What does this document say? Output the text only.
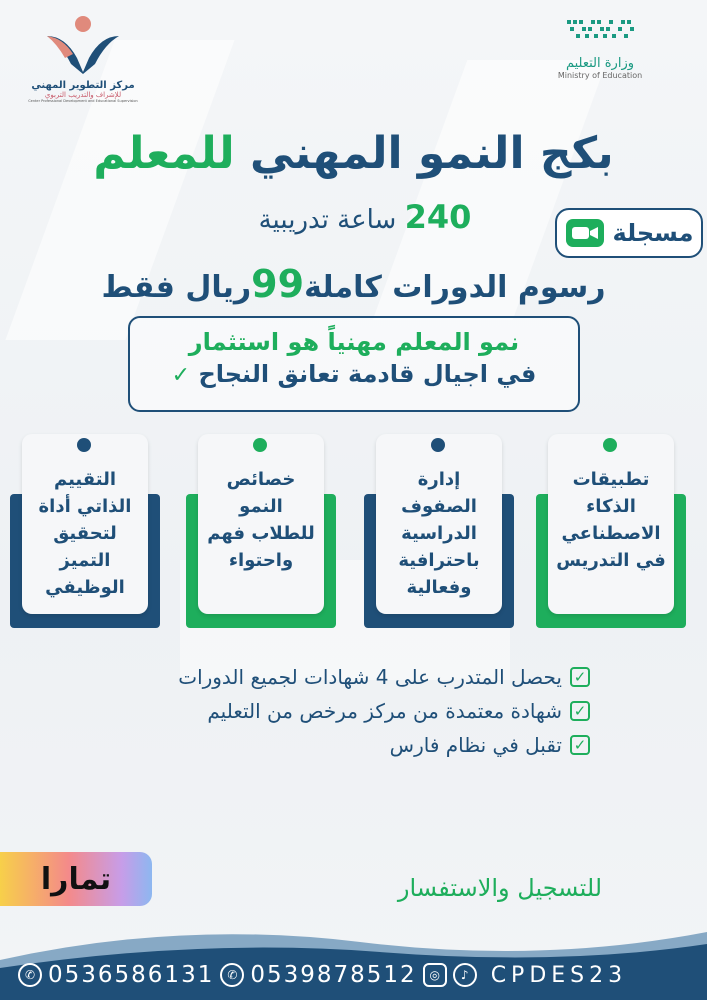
مركز التطوير المهني
للإشراف والتدريب التربوي
Center Professional Development and Educational Supervision
وزارة التعليم
Ministry of Education
بكج النمو المهني للمعلم
240 ساعة تدريبية	مسجلة
رسوم الدورات كاملة99ريال فقط
نمو المعلم مهنياً هو استثمار
في اجيال قادمة تعانق النجاح ✓
تطبيقات الذكاء الاصطناعي في التدريس
إدارة الصفوف الدراسية باحترافية وفعالية
خصائص النمو للطلاب فهم واحتواء
التقييم الذاتي أداة لتحقيق التميز الوظيفي
✓
يحصل المتدرب على 4 شهادات لجميع الدورات
✓
شهادة معتمدة من مركز مرخص من التعليم
✓
تقبل في نظام فارس
تمارا	للتسجيل والاستفسار
✆ 0536586131	✆ 0539878512	◎	♪	CPDES23
